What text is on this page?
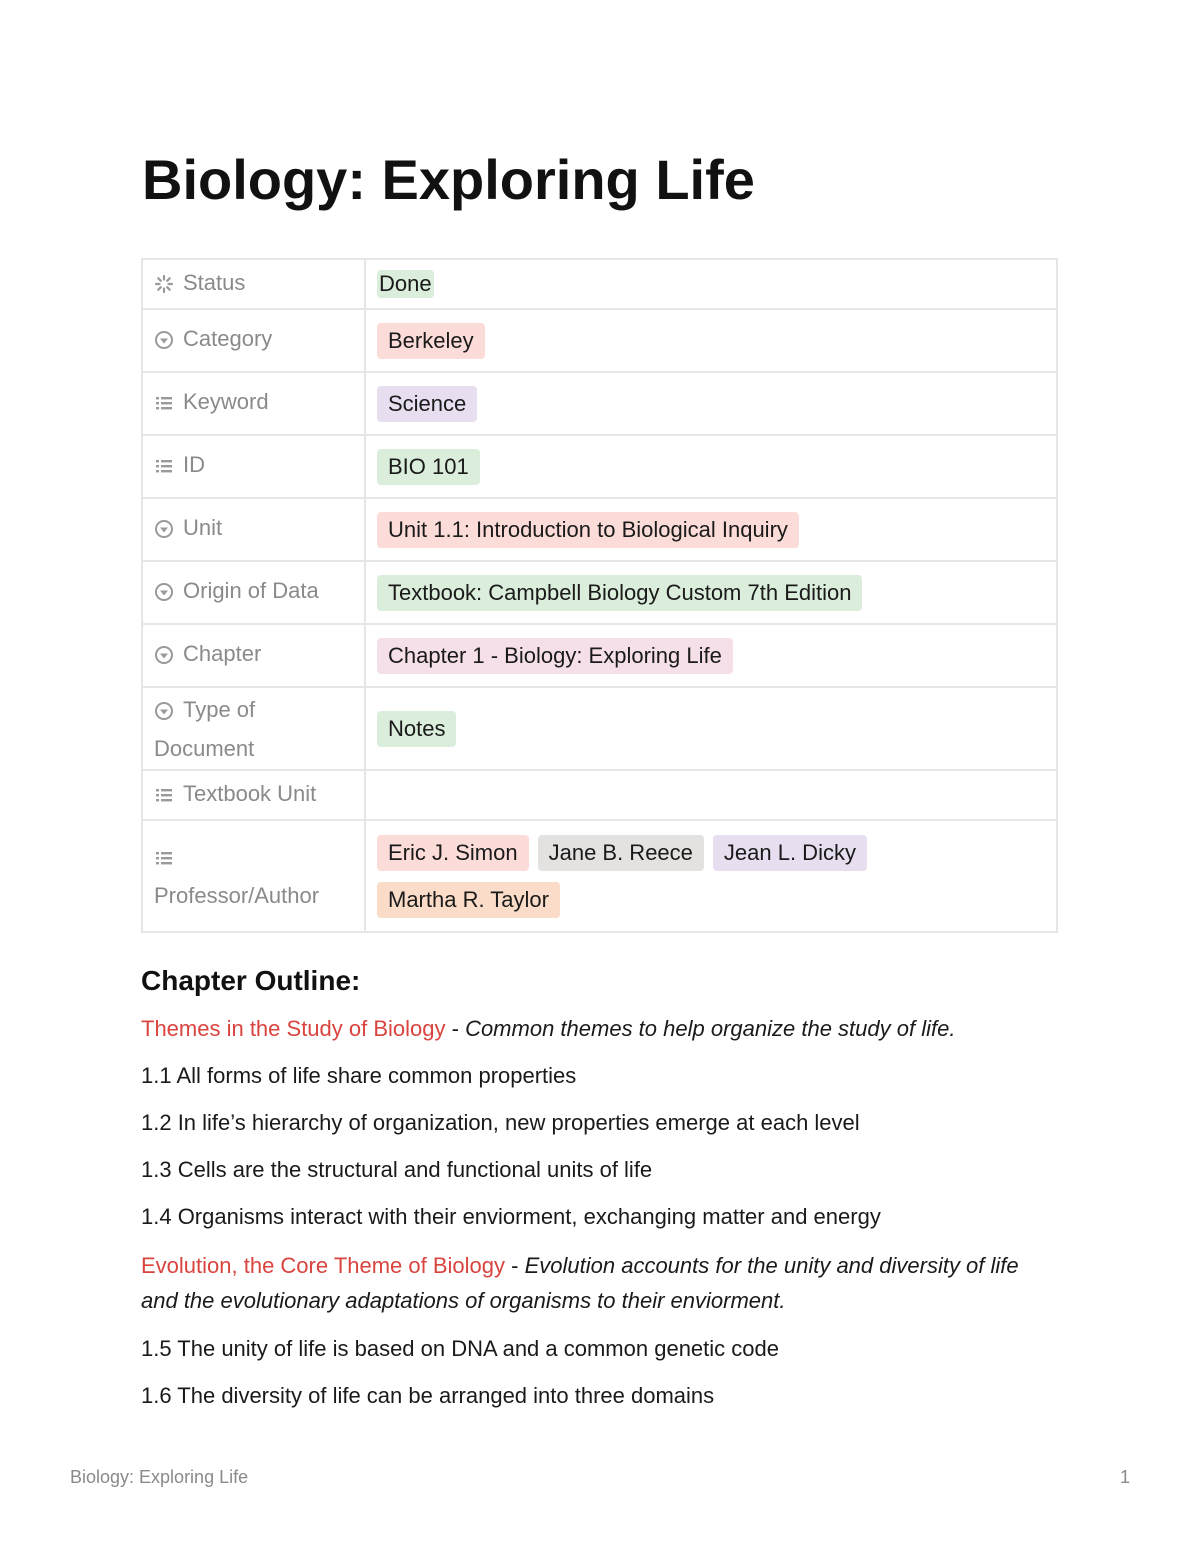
Biology: Exploring Life
Status	Done
Category	Berkeley
Keyword	Science
ID	BIO 101
Unit	Unit 1.1: Introduction to Biological Inquiry
Origin of Data	Textbook: Campbell Biology Custom 7th Edition
Chapter	Chapter 1 - Biology: Exploring Life
Type of
Document	Notes
Textbook Unit	

Professor/Author	Eric J. Simon Jane B. Reece Jean L. Dicky
Martha R. Taylor
Chapter Outline:

Themes in the Study of Biology - Common themes to help organize the study of life.

1.1 All forms of life share common properties

1.2 In life’s hierarchy of organization, new properties emerge at each level

1.3 Cells are the structural and functional units of life

1.4 Organisms interact with their enviorment, exchanging matter and energy

Evolution, the Core Theme of Biology - Evolution accounts for the unity and diversity of life and the evolutionary adaptations of organisms to their enviorment.

1.5 The unity of life is based on DNA and a common genetic code

1.6 The diversity of life can be arranged into three domains

Biology: Exploring Life	1
